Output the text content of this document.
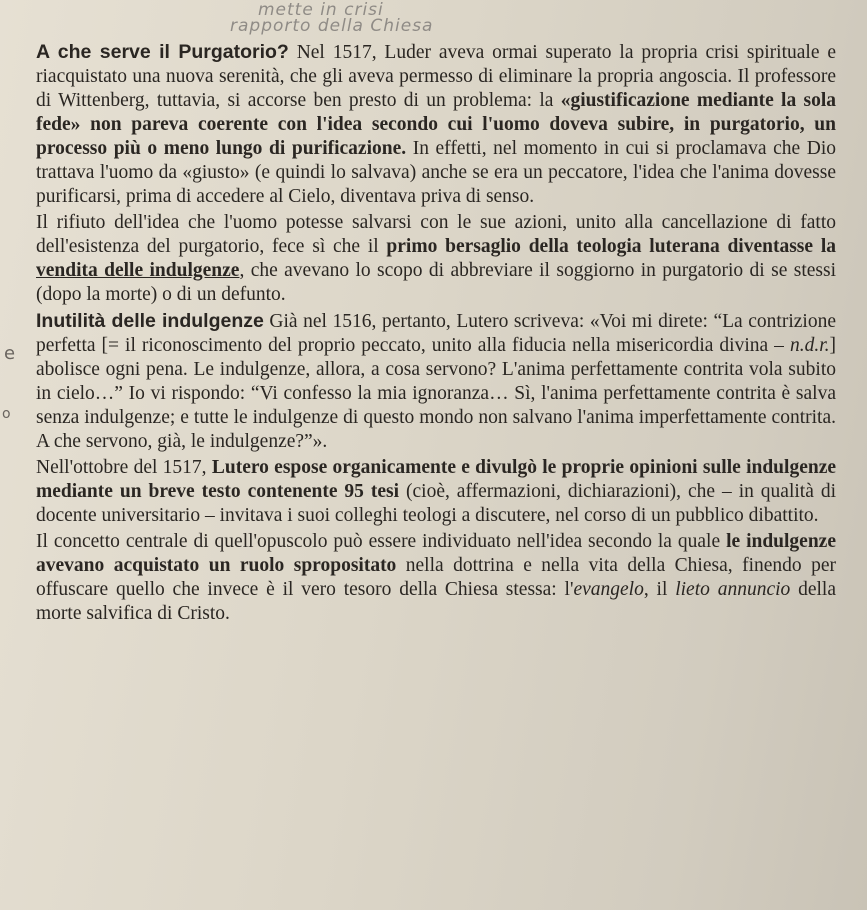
mette in crisi
rapporto della Chiesa
e
o

A che serve il Purgatorio? Nel 1517, Luder aveva ormai superato la propria crisi spirituale e riacquistato una nuova serenità, che gli aveva permesso di eliminare la propria angoscia. Il professore di Wittenberg, tuttavia, si accorse ben presto di un problema: la «giustificazione mediante la sola fede» non pareva coerente con l'idea secondo cui l'uomo doveva subire, in purgatorio, un processo più o meno lungo di purificazione. In effetti, nel momento in cui si proclamava che Dio trattava l'uomo da «giusto» (e quindi lo salvava) anche se era un peccatore, l'idea che l'anima dovesse purificarsi, prima di accedere al Cielo, diventava priva di senso.

Il rifiuto dell'idea che l'uomo potesse salvarsi con le sue azioni, unito alla cancellazione di fatto dell'esistenza del purgatorio, fece sì che il primo bersaglio della teologia luterana diventasse la vendita delle indulgenze, che avevano lo scopo di abbreviare il soggiorno in purgatorio di se stessi (dopo la morte) o di un defunto.

Inutilità delle indulgenze Già nel 1516, pertanto, Lutero scriveva: «Voi mi direte: “La contrizione perfetta [= il riconoscimento del proprio peccato, unito alla fiducia nella misericordia divina – n.d.r.] abolisce ogni pena. Le indulgenze, allora, a cosa servono? L'anima perfettamente contrita vola subito in cielo…” Io vi rispondo: “Vi confesso la mia ignoranza… Sì, l'anima perfettamente contrita è salva senza indulgenze; e tutte le indulgenze di questo mondo non salvano l'anima imperfettamente contrita. A che servono, già, le indulgenze?”».

Nell'ottobre del 1517, Lutero espose organicamente e divulgò le proprie opinioni sulle indulgenze mediante un breve testo contenente 95 tesi (cioè, affermazioni, dichiarazioni), che – in qualità di docente universitario – invitava i suoi colleghi teologi a discutere, nel corso di un pubblico dibattito.

Il concetto centrale di quell'opuscolo può essere individuato nell'idea secondo la quale le indulgenze avevano acquistato un ruolo spropositato nella dottrina e nella vita della Chiesa, finendo per offuscare quello che invece è il vero tesoro della Chiesa stessa: l'evangelo, il lieto annuncio della morte salvifica di Cristo.
